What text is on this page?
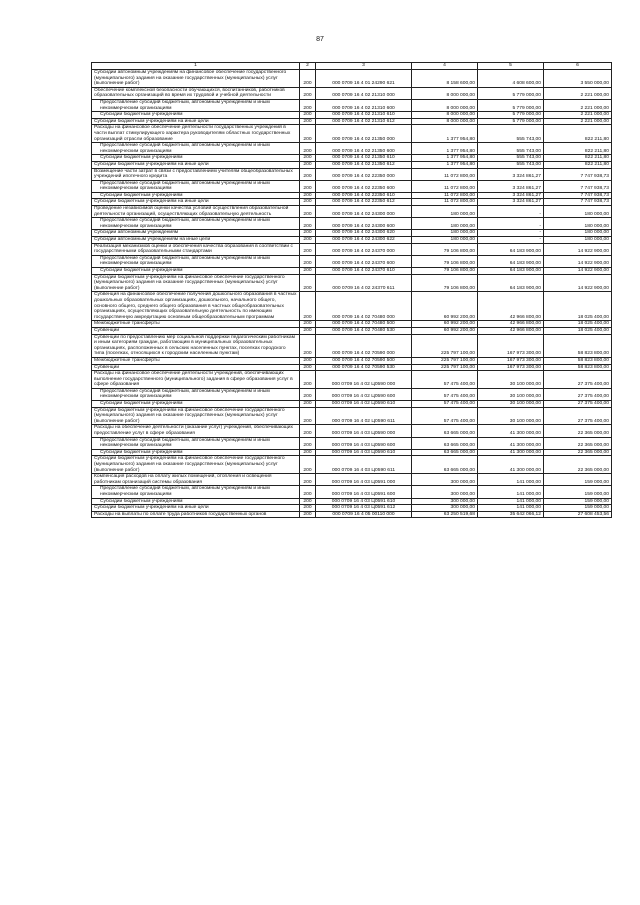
87
1	2	3	4	5	6
Субсидии автономным учреждениям на финансовое обеспечение государственного (муниципального) задания на оказание государственных (муниципальных) услуг (выполнение работ)	200	000 0709 16 4 01 24290 621	8 158 600,00	4 608 600,00	3 550 000,00
Обеспечение комплексной безопасности обучающихся, воспитанников, работников образовательных организаций во время их трудовой и учебной деятельности	200	000 0709 16 4 02 21310 000	8 000 000,00	5 779 000,00	2 221 000,00
Предоставление субсидий бюджетным, автономным учреждениям и иным некоммерческим организациям	200	000 0709 16 4 02 21310 600	8 000 000,00	5 779 000,00	2 221 000,00
Субсидии бюджетным учреждениям	200	000 0709 16 4 02 21310 610	8 000 000,00	5 779 000,00	2 221 000,00
Субсидии бюджетным учреждениям на иные цели	200	000 0709 16 4 02 21310 612	8 000 000,00	5 779 000,00	2 221 000,00
Расходы на финансовое обеспечение деятельности государственных учреждений в части выплат стимулирующего характера руководителям областных государственных организаций отрасли образование	200	000 0709 16 4 02 21350 000	1 377 954,80	555 743,00	822 211,80
Предоставление субсидий бюджетным, автономным учреждениям и иным некоммерческим организациям	200	000 0709 16 4 02 21350 600	1 377 954,80	555 743,00	822 211,80
Субсидии бюджетным учреждениям	200	000 0709 16 4 02 21350 610	1 377 954,80	555 743,00	822 211,80
Субсидии бюджетным учреждениям на иные цели	200	000 0709 16 4 02 21350 612	1 377 954,80	555 743,00	822 211,80
Возмещение части затрат в связи с предоставлением учителям общеобразовательных учреждений ипотечного кредита	200	000 0709 16 4 02 22350 000	11 072 800,00	3 324 861,27	7 747 938,73
Предоставление субсидий бюджетным, автономным учреждениям и иным некоммерческим организациям	200	000 0709 16 4 02 22350 600	11 072 800,00	3 324 861,27	7 747 938,73
Субсидии бюджетным учреждениям	200	000 0709 16 4 02 22350 610	11 072 800,00	3 324 861,27	7 747 938,73
Субсидии бюджетным учреждениям на иные цели	200	000 0709 16 4 02 22350 612	11 072 800,00	3 324 861,27	7 747 938,73
Проведение независимой оценки качества условий осуществления образовательной деятельности организаций, осуществляющих образовательную деятельность	200	000 0709 16 4 02 24300 000	180 000,00	-	180 000,00
Предоставление субсидий бюджетным, автономным учреждениям и иным некоммерческим организациям	200	000 0709 16 4 02 24300 600	180 000,00	-	180 000,00
Субсидии автономным учреждениям	200	000 0709 16 4 02 24300 620	180 000,00	-	180 000,00
Субсидии автономным учреждениям на иные цели	200	000 0709 16 4 02 24300 622	180 000,00	-	180 000,00
Реализация механизмов оценки и обеспечения качества образования в соответствии с государственными образовательными стандартами	200	000 0709 16 4 02 24370 000	79 106 800,00	64 183 900,00	14 922 900,00
Предоставление субсидий бюджетным, автономным учреждениям и иным некоммерческим организациям	200	000 0709 16 4 02 24370 600	79 106 800,00	64 183 900,00	14 922 900,00
Субсидии бюджетным учреждениям	200	000 0709 16 4 02 24370 610	79 106 800,00	64 183 900,00	14 922 900,00
Субсидии бюджетным учреждениям на финансовое обеспечение государственного (муниципального) задания на оказание государственных (муниципальных) услуг (выполнение работ)	200	000 0709 16 4 02 24370 611	79 106 800,00	64 183 900,00	14 922 900,00
Субвенция на финансовое обеспечение получения дошкольного образования в частных дошкольных образовательных организациях, дошкольного, начального общего, основного общего, среднего общего образования в частных общеобразовательных организациях, осуществляющих образовательную деятельность по имеющим государственную аккредитацию основным общеобразовательным программам	200	000 0709 16 4 02 70480 000	60 992 200,00	42 966 800,00	18 025 400,00
Межбюджетные трансферты	200	000 0709 16 4 02 70480 500	60 992 200,00	42 966 800,00	18 025 400,00
Субвенции	200	000 0709 16 4 02 70480 530	60 992 200,00	42 966 800,00	18 025 400,00
Субвенции по предоставлению мер социальной поддержки педагогическим работникам и иным категориям граждан, работающим в муниципальных образовательных организациях, расположенных в сельских населенных пунктах, поселках городского типа (поселках, относящихся к городским населенным пунктам)	200	000 0709 16 4 02 70590 000	225 797 100,00	167 973 300,00	58 823 800,00
Межбюджетные трансферты	200	000 0709 16 4 02 70590 500	225 797 100,00	167 973 300,00	58 823 800,00
Субвенции	200	000 0709 16 4 02 70590 530	225 797 100,00	167 973 300,00	58 823 800,00
Расходы на финансовое обеспечение деятельности учреждений, обеспечивающих выполнение государственного (муниципального) задания в сфере образования услуг в сфере образования	200	000 0709 16 4 02 Ц0590 000	57 475 400,00	30 100 000,00	27 375 400,00
Предоставление субсидий бюджетным, автономным учреждениям и иным некоммерческим организациям	200	000 0709 16 4 02 Ц0590 600	57 475 400,00	30 100 000,00	27 375 400,00
Субсидии бюджетным учреждениям	200	000 0709 16 4 02 Ц0590 610	57 475 400,00	30 100 000,00	27 375 400,00
Субсидии бюджетным учреждениям на финансовое обеспечение государственного (муниципального) задания на оказание государственных (муниципальных) услуг (выполнение работ)	200	000 0709 16 4 02 Ц0590 611	57 475 400,00	30 100 000,00	27 375 400,00
Расходы на обеспечение деятельности (оказание услуг) учреждений, обеспечивающих предоставление услуг в сфере образования	200	000 0709 16 4 03 Ц0590 000	63 665 000,00	41 300 000,00	22 365 000,00
Предоставление субсидий бюджетным, автономным учреждениям и иным некоммерческим организациям	200	000 0709 16 4 03 Ц0590 600	63 665 000,00	41 300 000,00	22 365 000,00
Субсидии бюджетным учреждениям	200	000 0709 16 4 03 Ц0590 610	63 665 000,00	41 300 000,00	22 365 000,00
Субсидии бюджетным учреждениям на финансовое обеспечение государственного (муниципального) задания на оказание государственных (муниципальных) услуг (выполнение работ)	200	000 0709 16 4 03 Ц0590 611	63 665 000,00	41 300 000,00	22 365 000,00
Компенсация расходов на оплату жилых помещений, отопления и освещения работникам организаций системы образования	200	000 0709 16 4 03 Ц0591 000	300 000,00	141 000,00	159 000,00
Предоставление субсидий бюджетным, автономным учреждениям и иным некоммерческим организациям	200	000 0709 16 4 03 Ц0591 600	300 000,00	141 000,00	159 000,00
Субсидии бюджетным учреждениям	200	000 0709 16 4 03 Ц0591 610	300 000,00	141 000,00	159 000,00
Субсидии бюджетным учреждениям на иные цели	200	000 0709 16 4 03 Ц0591 612	300 000,00	141 000,00	159 000,00
Расходы на выплаты по оплате труда работников государственных органов	200	000 0709 16 4 05 00110 000	63 250 519,68	35 642 066,12	27 608 453,56
